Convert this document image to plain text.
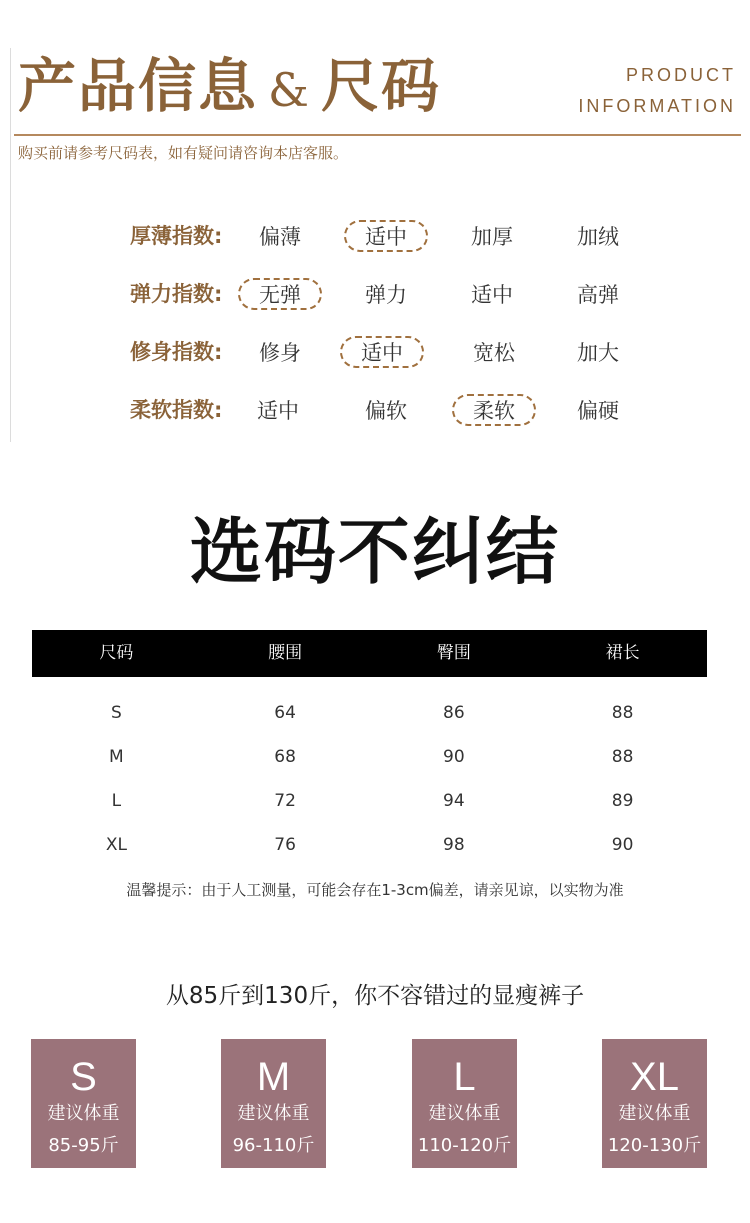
产品信息 & 尺码	PRODUCT
INFORMATION
购买前请参考尺码表，如有疑问请咨询本店客服。
厚薄指数:	偏薄	适中	加厚	加绒
弹力指数:	无弹	弹力	适中	高弹
修身指数:	修身	适中	宽松	加大
柔软指数:	适中	偏软	柔软	偏硬
选码不纠结
尺码	腰围	臀围	裙长
S	64	86	88
M	68	90	88
L	72	94	89
XL	76	98	90
温馨提示：由于人工测量，可能会存在1-3cm偏差，请亲见谅，以实物为准
从85斤到130斤，你不容错过的显瘦裤子
S
建议体重
85-95斤
M
建议体重
96-110斤
L
建议体重
110-120斤
XL
建议体重
120-130斤
